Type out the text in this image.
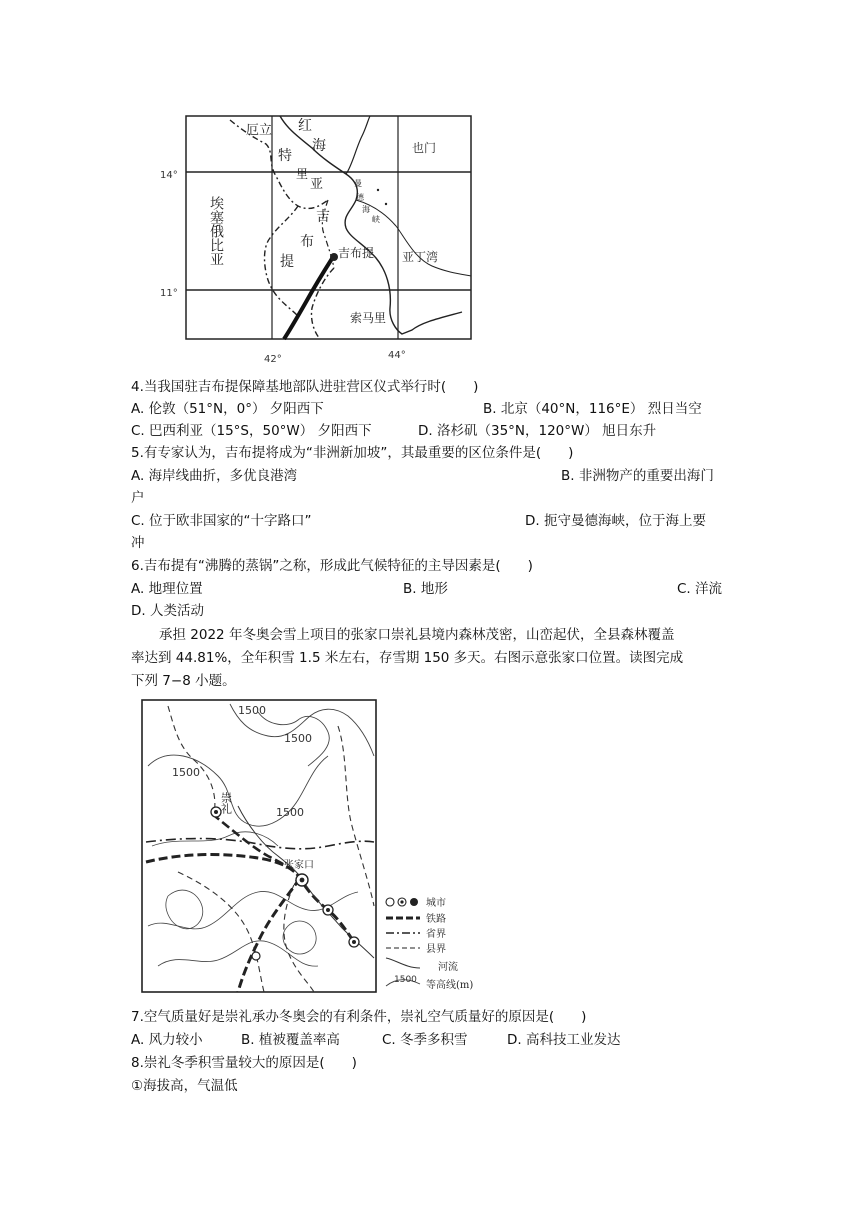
厄立
特
里
红
海	也门
亚
吉
布
提
曼
德
海
峡
吉布提 亚丁湾
索马里
埃塞俄比亚
14°
11°
42°	44°
4.当我国驻吉布提保障基地部队进驻营区仪式举行时(　　)
A. 伦敦（51°N，0°） 夕阳西下	B. 北京（40°N，116°E） 烈日当空
C. 巴西利亚（15°S，50°W） 夕阳西下	D. 洛杉矶（35°N，120°W） 旭日东升
5.有专家认为，吉布提将成为“非洲新加坡”，其最重要的区位条件是(　　)
A. 海岸线曲折，多优良港湾	B. 非洲物产的重要出海门
户
C. 位于欧非国家的“十字路口”	D. 扼守曼德海峡，位于海上要
冲
6.吉布提有“沸腾的蒸锅”之称，形成此气候特征的主导因素是(　　)
A. 地理位置	B. 地形	C. 洋流
D. 人类活动
承担 2022 年冬奥会雪上项目的张家口崇礼县境内森林茂密，山峦起伏，全县森林覆盖
率达到 44.81%，全年积雪 1.5 米左右，存雪期 150 多天。右图示意张家口位置。读图完成
下列 7−8 小题。
1500
1500
1500
1500
崇礼
张家口
城市
铁路
省界
县界
河流
1500 等高线(m)
7.空气质量好是崇礼承办冬奥会的有利条件，崇礼空气质量好的原因是(　　)
A. 风力较小	B. 植被覆盖率高	C. 冬季多积雪	D. 高科技工业发达
8.崇礼冬季积雪量较大的原因是(　　)
①海拔高，气温低
